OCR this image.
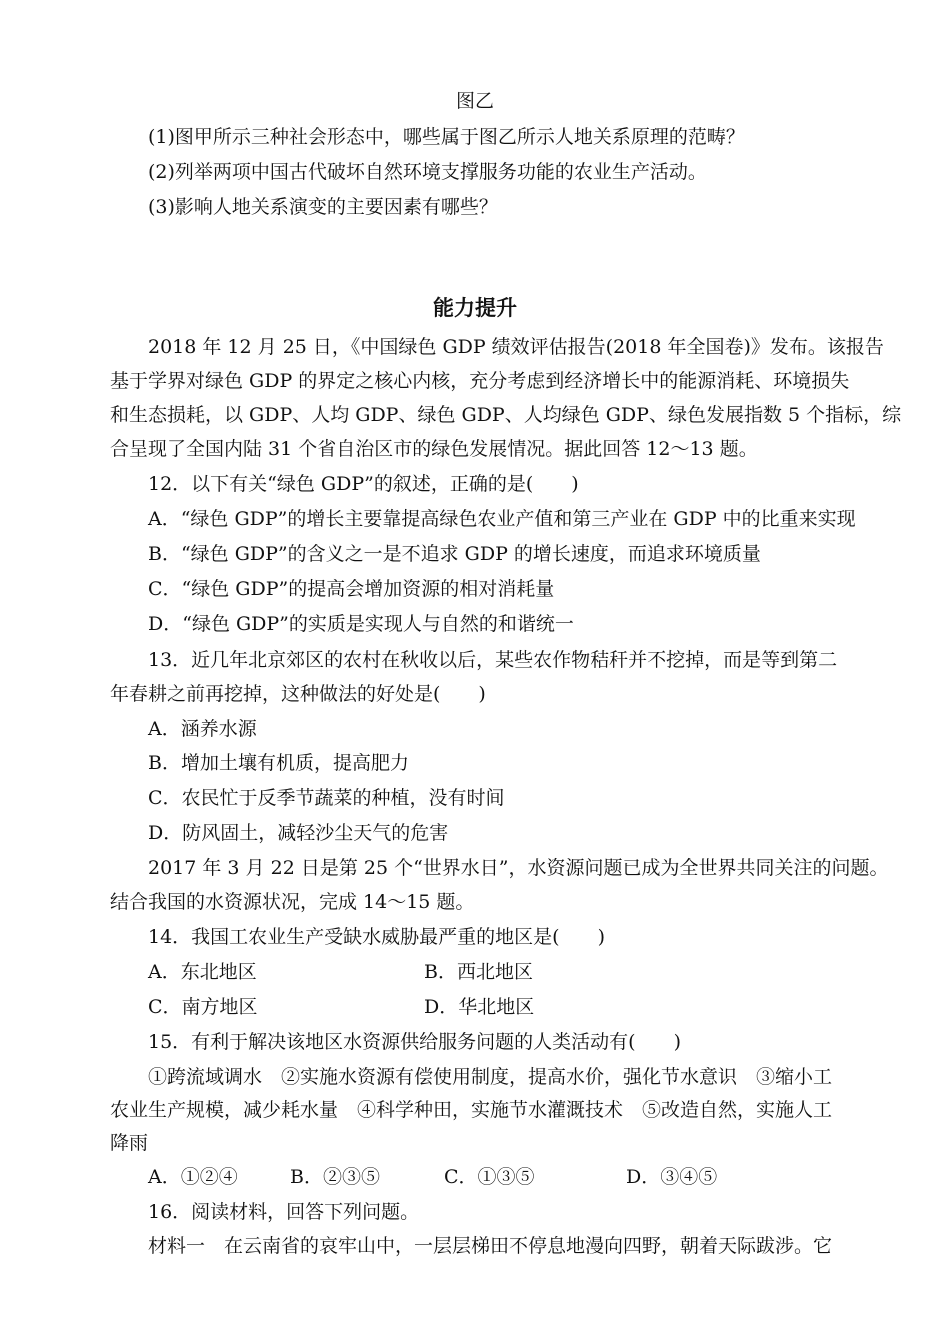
图乙
(1)图甲所示三种社会形态中，哪些属于图乙所示人地关系原理的范畴？
(2)列举两项中国古代破坏自然环境支撑服务功能的农业生产活动。
(3)影响人地关系演变的主要因素有哪些？
能力提升
2018 年 12 月 25 日，《中国绿色 GDP 绩效评估报告(2018 年全国卷)》发布。该报告
基于学界对绿色 GDP 的界定之核心内核，充分考虑到经济增长中的能源消耗、环境损失
和生态损耗，以 GDP、人均 GDP、绿色 GDP、人均绿色 GDP、绿色发展指数 5 个指标，综
合呈现了全国内陆 31 个省自治区市的绿色发展情况。据此回答 12～13 题。
12．以下有关“绿色 GDP”的叙述，正确的是(　　)
A．“绿色 GDP”的增长主要靠提高绿色农业产值和第三产业在 GDP 中的比重来实现
B．“绿色 GDP”的含义之一是不追求 GDP 的增长速度，而追求环境质量
C．“绿色 GDP”的提高会增加资源的相对消耗量
D．“绿色 GDP”的实质是实现人与自然的和谐统一
13．近几年北京郊区的农村在秋收以后，某些农作物秸秆并不挖掉，而是等到第二
年春耕之前再挖掉，这种做法的好处是(　　)
A．涵养水源
B．增加土壤有机质，提高肥力
C．农民忙于反季节蔬菜的种植，没有时间
D．防风固土，减轻沙尘天气的危害
2017 年 3 月 22 日是第 25 个“世界水日”，水资源问题已成为全世界共同关注的问题。
结合我国的水资源状况，完成 14～15 题。
14．我国工农业生产受缺水威胁最严重的地区是(　　)
A．东北地区	B．西北地区
C．南方地区	D．华北地区
15．有利于解决该地区水资源供给服务问题的人类活动有(　　)
①跨流域调水　②实施水资源有偿使用制度，提高水价，强化节水意识　③缩小工
农业生产规模，减少耗水量　④科学种田，实施节水灌溉技术　⑤改造自然，实施人工
降雨
A．①②④	B．②③⑤	C．①③⑤	D．③④⑤
16．阅读材料，回答下列问题。
材料一　在云南省的哀牢山中，一层层梯田不停息地漫向四野，朝着天际跋涉。它
